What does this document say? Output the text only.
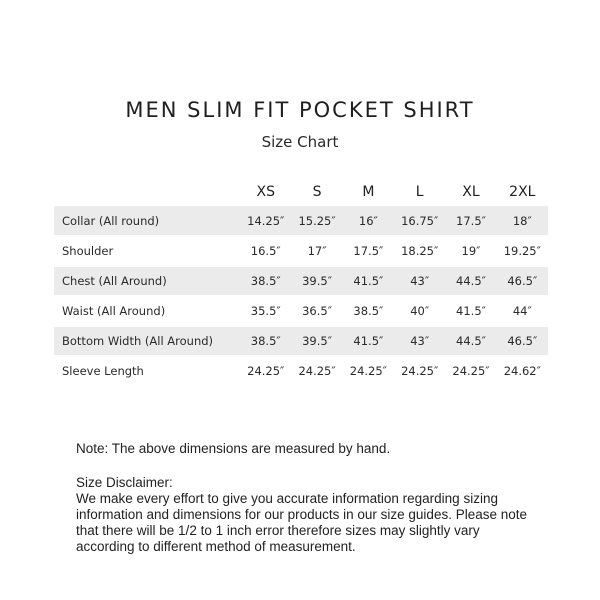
MEN SLIM FIT POCKET SHIRT
Size Chart
	XS	S	M	L	XL	2XL
Collar (All round)	14.25″	15.25″	16″	16.75″	17.5″	18″
Shoulder	16.5″	17″	17.5″	18.25″	19″	19.25″
Chest (All Around)	38.5″	39.5″	41.5″	43″	44.5″	46.5″
Waist (All Around)	35.5″	36.5″	38.5″	40″	41.5″	44″
Bottom Width (All Around)	38.5″	39.5″	41.5″	43″	44.5″	46.5″
Sleeve Length	24.25″	24.25″	24.25″	24.25″	24.25″	24.62″
Note: The above dimensions are measured by hand.
Size Disclaimer:
We make every effort to give you accurate information regarding sizing
information and dimensions for our products in our size guides. Please note
that there will be 1/2 to 1 inch error therefore sizes may slightly vary
according to different method of measurement.
